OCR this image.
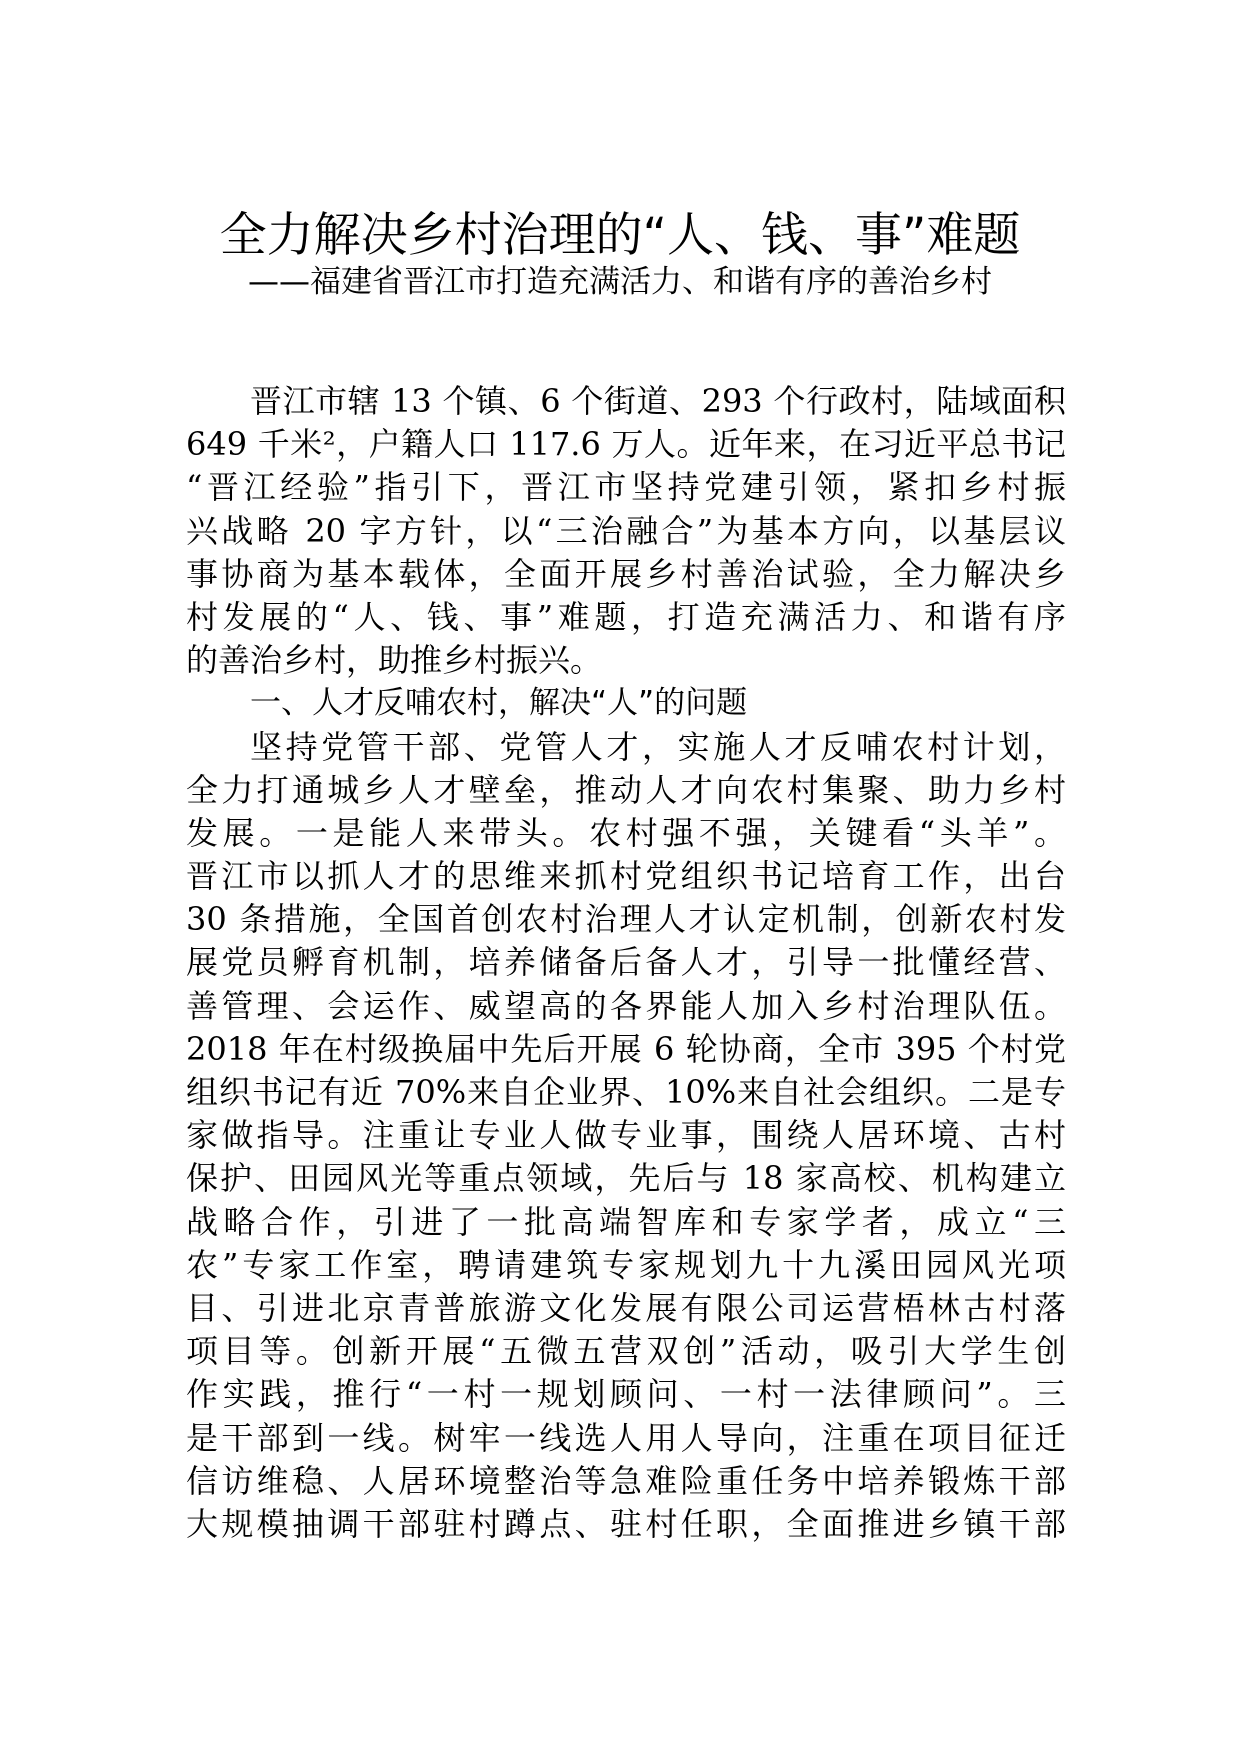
全力解决乡村治理的“人、钱、事”难题
——福建省晋江市打造充满活力、和谐有序的善治乡村
晋江市辖 13 个镇、6 个街道、293 个行政村，陆域面积
649 千米²，户籍人口 117.6 万人。近年来，在习近平总书记
“晋江经验”指引下，晋江市坚持党建引领，紧扣乡村振
兴战略 20 字方针，以“三治融合”为基本方向，以基层议
事协商为基本载体，全面开展乡村善治试验，全力解决乡
村发展的“人、钱、事”难题，打造充满活力、和谐有序
的善治乡村，助推乡村振兴。
一、人才反哺农村，解决“人”的问题
坚持党管干部、党管人才，实施人才反哺农村计划，
全力打通城乡人才壁垒，推动人才向农村集聚、助力乡村
发展。一是能人来带头。农村强不强，关键看“头羊”。
晋江市以抓人才的思维来抓村党组织书记培育工作，出台
30 条措施，全国首创农村治理人才认定机制，创新农村发
展党员孵育机制，培养储备后备人才，引导一批懂经营、
善管理、会运作、威望高的各界能人加入乡村治理队伍。
2018 年在村级换届中先后开展 6 轮协商，全市 395 个村党
组织书记有近 70%来自企业界、10%来自社会组织。二是专
家做指导。注重让专业人做专业事，围绕人居环境、古村
保护、田园风光等重点领域，先后与 18 家高校、机构建立
战略合作，引进了一批高端智库和专家学者，成立“三
农”专家工作室，聘请建筑专家规划九十九溪田园风光项
目、引进北京青普旅游文化发展有限公司运营梧林古村落
项目等。创新开展“五微五营双创”活动，吸引大学生创
作实践，推行“一村一规划顾问、一村一法律顾问”。三
是干部到一线。树牢一线选人用人导向，注重在项目征迁
信访维稳、人居环境整治等急难险重任务中培养锻炼干部
大规模抽调干部驻村蹲点、驻村任职，全面推进乡镇干部
